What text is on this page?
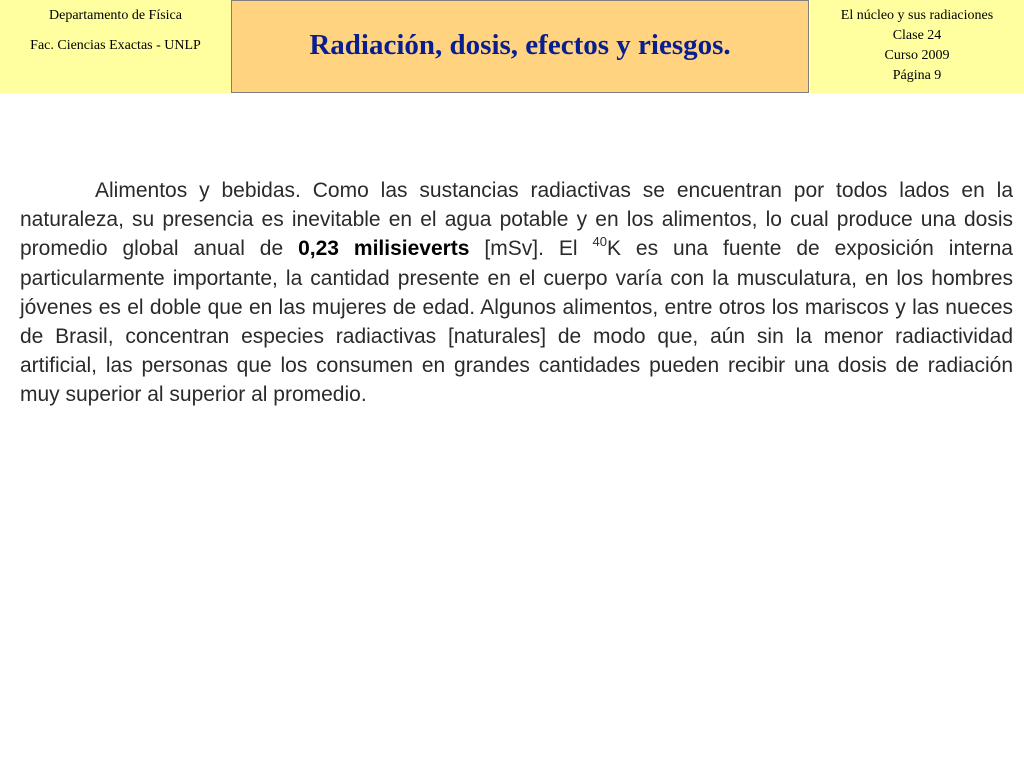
Departamento de Física
Fac. Ciencias Exactas - UNLP	Radiación, dosis, efectos y riesgos.
El núcleo y sus radiaciones
Clase 24
Curso 2009
Página 9

Alimentos y bebidas. Como las sustancias radiactivas se encuentran por todos lados en la naturaleza, su presencia es inevitable en el agua potable y en los alimentos, lo cual produce una dosis promedio global anual de 0,23 milisieverts [mSv]. El $^{40}$K es una fuente de exposición interna particularmente importante, la cantidad presente en el cuerpo varía con la musculatura, en los hombres jóvenes es el doble que en las mujeres de edad. Algunos alimentos, entre otros los mariscos y las nueces de Brasil, concentran especies radiactivas [naturales] de modo que, aún sin la menor radiactividad artificial, las personas que los consumen en grandes cantidades pueden recibir una dosis de radiación muy superior al superior al promedio.
